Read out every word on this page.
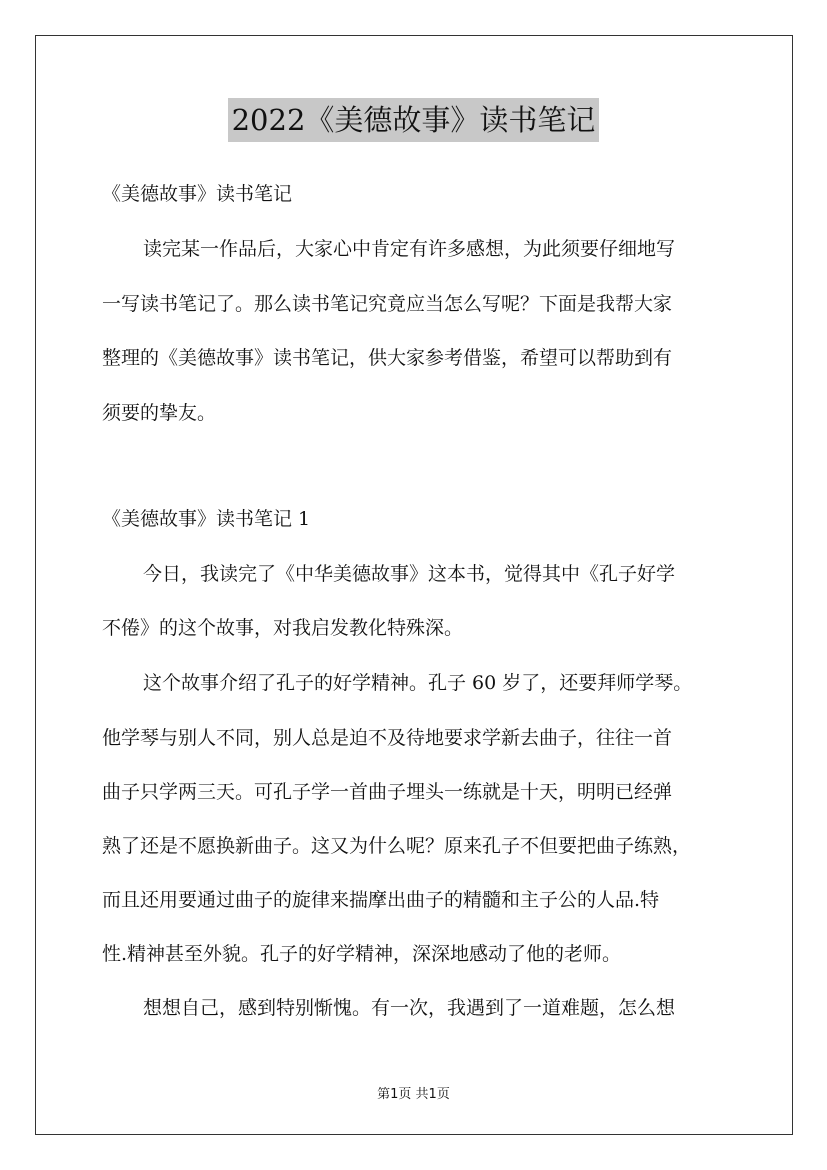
2022《美德故事》读书笔记
《美德故事》读书笔记
读完某一作品后，大家心中肯定有许多感想，为此须要仔细地写
一写读书笔记了。那么读书笔记究竟应当怎么写呢？下面是我帮大家
整理的《美德故事》读书笔记，供大家参考借鉴，希望可以帮助到有
须要的挚友。
《美德故事》读书笔记 1
今日，我读完了《中华美德故事》这本书，觉得其中《孔子好学
不倦》的这个故事，对我启发教化特殊深。
这个故事介绍了孔子的好学精神。孔子 60 岁了，还要拜师学琴。
他学琴与别人不同，别人总是迫不及待地要求学新去曲子，往往一首
曲子只学两三天。可孔子学一首曲子埋头一练就是十天，明明已经弹
熟了还是不愿换新曲子。这又为什么呢？原来孔子不但要把曲子练熟，
而且还用要通过曲子的旋律来揣摩出曲子的精髓和主子公的人品.特
性.精神甚至外貌。孔子的好学精神，深深地感动了他的老师。
想想自己，感到特别惭愧。有一次，我遇到了一道难题，怎么想
第1页 共1页
